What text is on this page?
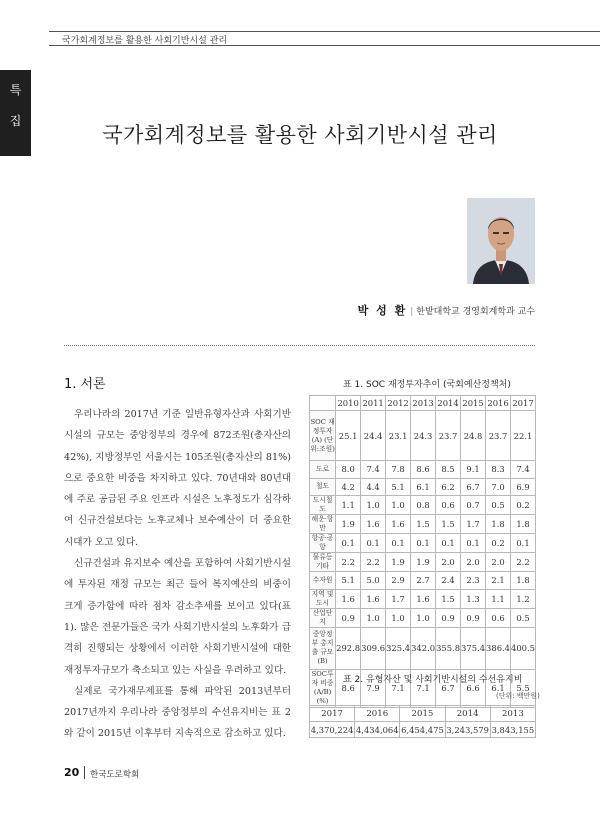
국가회계정보를 활용한 사회기반시설 관리
특
집
국가회계정보를 활용한 사회기반시설 관리
박 성 환 | 한밭대학교 경영회계학과 교수
1. 서론

우리나라의 2017년 기준 일반유형자산과 사회기반시설의 규모는 중앙정부의 경우에 872조원(총자산의 42%), 지방정부인 서울시는 105조원(총자산의 81%)으로 중요한 비중을 차지하고 있다. 70년대와 80년대에 주로 공급된 주요 인프라 시설은 노후정도가 심각하여 신규건설보다는 노후교체나 보수예산이 더 중요한 시대가 오고 있다.

신규건설과 유지보수 예산을 포함하여 사회기반시설에 투자된 재정 규모는 최근 들어 복지예산의 비중이 크게 증가함에 따라 점차 감소추세를 보이고 있다(표 1). 많은 전문가들은 국가 사회기반시설의 노후화가 급격히 진행되는 상황에서 이러한 사회기반시설에 대한 재정투자규모가 축소되고 있는 사실을 우려하고 있다.

실제로 국가재무제표를 통해 파악된 2013년부터 2017년까지 우리나라 중앙정부의 수선유지비는 표 2와 같이 2015년 이후부터 지속적으로 감소하고 있다.

표 1. SOC 재정투자추이 (국회예산정책처)
	2010	2011	2012	2013	2014	2015	2016	2017
SOC 재정투자(A) (단위:조원)	25.1	24.4	23.1	24.3	23.7	24.8	23.7	22.1
도로	8.0	7.4	7.8	8.6	8.5	9.1	8.3	7.4
철도	4.2	4.4	5.1	6.1	6.2	6.7	7.0	6.9
도시철도	1.1	1.0	1.0	0.8	0.6	0.7	0.5	0.2
해운·항만	1.9	1.6	1.6	1.5	1.5	1.7	1.8	1.8
항공·공항	0.1	0.1	0.1	0.1	0.1	0.1	0.2	0.1
물류등 기타	2.2	2.2	1.9	1.9	2.0	2.0	2.0	2.2
수자원	5.1	5.0	2.9	2.7	2.4	2.3	2.1	1.8
지역 및 도시	1.6	1.6	1.7	1.6	1.5	1.3	1.1	1.2
산업단지	0.9	1.0	1.0	1.0	0.9	0.9	0.6	0.5
중앙정부 총지출 규모(B)	292.8	309.6	325.4	342.0	355.8	375.4	386.4	400.5
SOC투자 비중 (A/B)(%)	8.6	7.9	7.1	7.1	6.7	6.6	6.1	5.5
표 2. 유형자산 및 사회기반시설의 수선유지비
(단위: 백만원)
2017	2016	2015	2014	2013
4,370,224	4,434,064	6,454,475	3,243,579	3,843,155
20 한국도로학회
